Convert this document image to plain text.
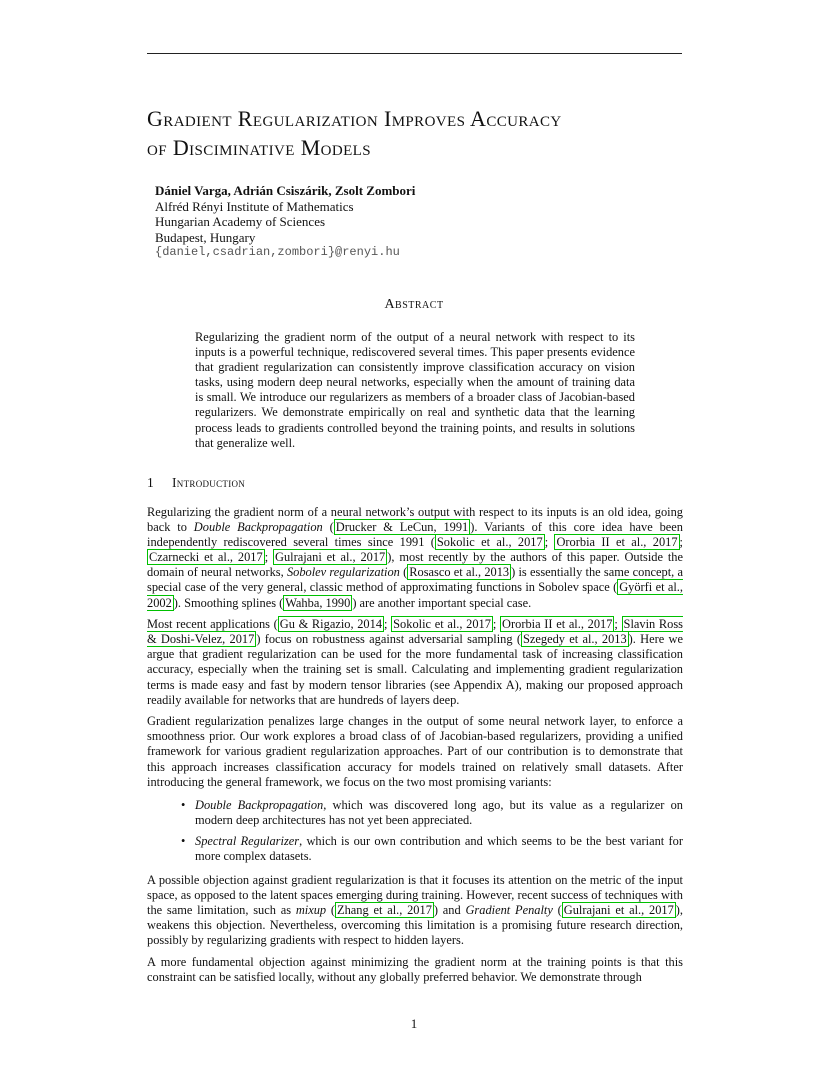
Gradient Regularization Improves Accuracy
of Disciminative Models
Dániel Varga, Adrián Csiszárik, Zsolt Zombori
Alfréd Rényi Institute of Mathematics
Hungarian Academy of Sciences
Budapest, Hungary
{daniel,csadrian,zombori}@renyi.hu
Abstract
Regularizing the gradient norm of the output of a neural network with respect to its inputs is a powerful technique, rediscovered several times. This paper presents evidence that gradient regularization can consistently improve classification accuracy on vision tasks, using modern deep neural networks, especially when the amount of training data is small. We introduce our regularizers as members of a broader class of Jacobian-based regularizers. We demonstrate empirically on real and synthetic data that the learning process leads to gradients controlled beyond the training points, and results in solutions that generalize well.
1 Introduction

Regularizing the gradient norm of a neural network’s output with respect to its inputs is an old idea, going back to Double Backpropagation ( Drucker & LeCun, 1991 ). Variants of this core idea have been independently rediscovered several times since 1991 ( Sokolic et al., 2017 ; Ororbia II et al., 2017 ; Czarnecki et al., 2017 ; Gulrajani et al., 2017 ), most recently by the authors of this paper. Outside the domain of neural networks, Sobolev regularization ( Rosasco et al., 2013 ) is essentially the same concept, a special case of the very general, classic method of approximating functions in Sobolev space ( Györfi et al., 2002 ). Smoothing splines ( Wahba, 1990 ) are another important special case.

Most recent applications ( Gu & Rigazio, 2014 ; Sokolic et al., 2017 ; Ororbia II et al., 2017 ; Slavin Ross & Doshi-Velez, 2017 ) focus on robustness against adversarial sampling ( Szegedy et al., 2013 ). Here we argue that gradient regularization can be used for the more fundamental task of increasing classification accuracy, especially when the training set is small. Calculating and implementing gradient regularization terms is made easy and fast by modern tensor libraries (see Appendix A), making our proposed approach readily available for networks that are hundreds of layers deep.

Gradient regularization penalizes large changes in the output of some neural network layer, to enforce a smoothness prior. Our work explores a broad class of of Jacobian-based regularizers, providing a unified framework for various gradient regularization approaches. Part of our contribution is to demonstrate that this approach increases classification accuracy for models trained on relatively small datasets. After introducing the general framework, we focus on the two most promising variants:

• Double Backpropagation, which was discovered long ago, but its value as a regularizer on modern deep architectures has not yet been appreciated.
• Spectral Regularizer, which is our own contribution and which seems to be the best variant for more complex datasets.

A possible objection against gradient regularization is that it focuses its attention on the metric of the input space, as opposed to the latent spaces emerging during training. However, recent success of techniques with the same limitation, such as mixup ( Zhang et al., 2017 ) and Gradient Penalty ( Gulrajani et al., 2017 ), weakens this objection. Nevertheless, overcoming this limitation is a promising future research direction, possibly by regularizing gradients with respect to hidden layers.

A more fundamental objection against minimizing the gradient norm at the training points is that this constraint can be satisfied locally, without any globally preferred behavior. We demonstrate through

1
